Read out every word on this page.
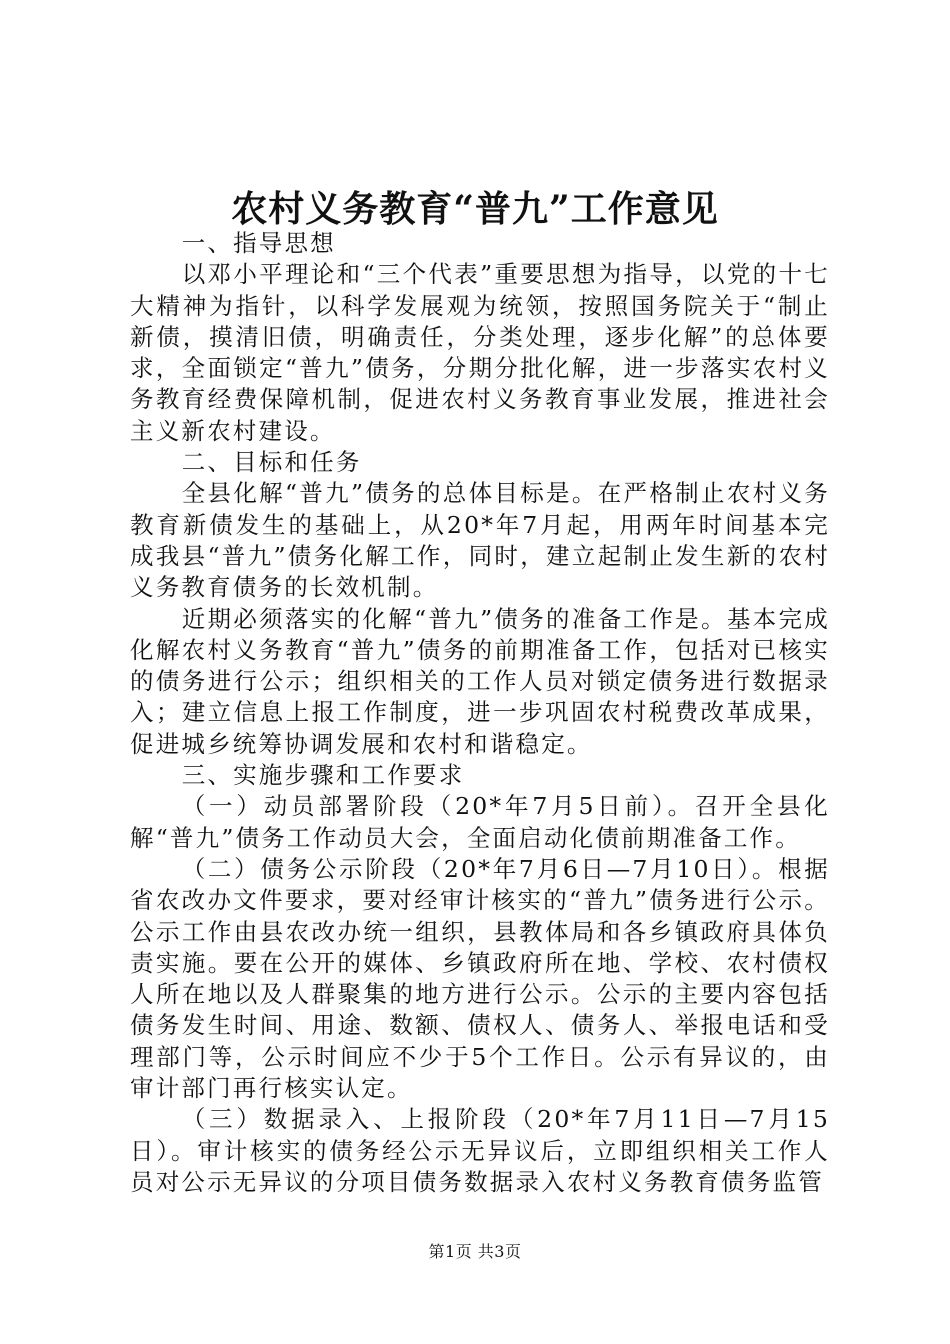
农村义务教育“普九”工作意见

一、指导思想

以邓小平理论和“三个代表”重要思想为指导，以党的十七大精神为指针，以科学发展观为统领，按照国务院关于“制止新债，摸清旧债，明确责任，分类处理，逐步化解”的总体要求，全面锁定“普九”债务，分期分批化解，进一步落实农村义务教育经费保障机制，促进农村义务教育事业发展，推进社会主义新农村建设。

二、目标和任务

全县化解“普九”债务的总体目标是。在严格制止农村义务教育新债发生的基础上，从20*年7月起，用两年时间基本完成我县“普九”债务化解工作，同时，建立起制止发生新的农村义务教育债务的长效机制。

近期必须落实的化解“普九”债务的准备工作是。基本完成化解农村义务教育“普九”债务的前期准备工作，包括对已核实的债务进行公示；组织相关的工作人员对锁定债务进行数据录入；建立信息上报工作制度，进一步巩固农村税费改革成果，促进城乡统筹协调发展和农村和谐稳定。

三、实施步骤和工作要求

（一）动员部署阶段（20*年7月5日前）。召开全县化解“普九”债务工作动员大会，全面启动化债前期准备工作。

（二）债务公示阶段（20*年7月6日—7月10日）。根据省农改办文件要求，要对经审计核实的“普九”债务进行公示。公示工作由县农改办统一组织，县教体局和各乡镇政府具体负责实施。要在公开的媒体、乡镇政府所在地、学校、农村债权人所在地以及人群聚集的地方进行公示。公示的主要内容包括债务发生时间、用途、数额、债权人、债务人、举报电话和受理部门等，公示时间应不少于5个工作日。公示有异议的，由审计部门再行核实认定。

（三）数据录入、上报阶段（20*年7月11日—7月15日）。审计核实的债务经公示无异议后，立即组织相关工作人员对公示无异议的分项目债务数据录入农村义务教育债务监管

第1页 共3页
